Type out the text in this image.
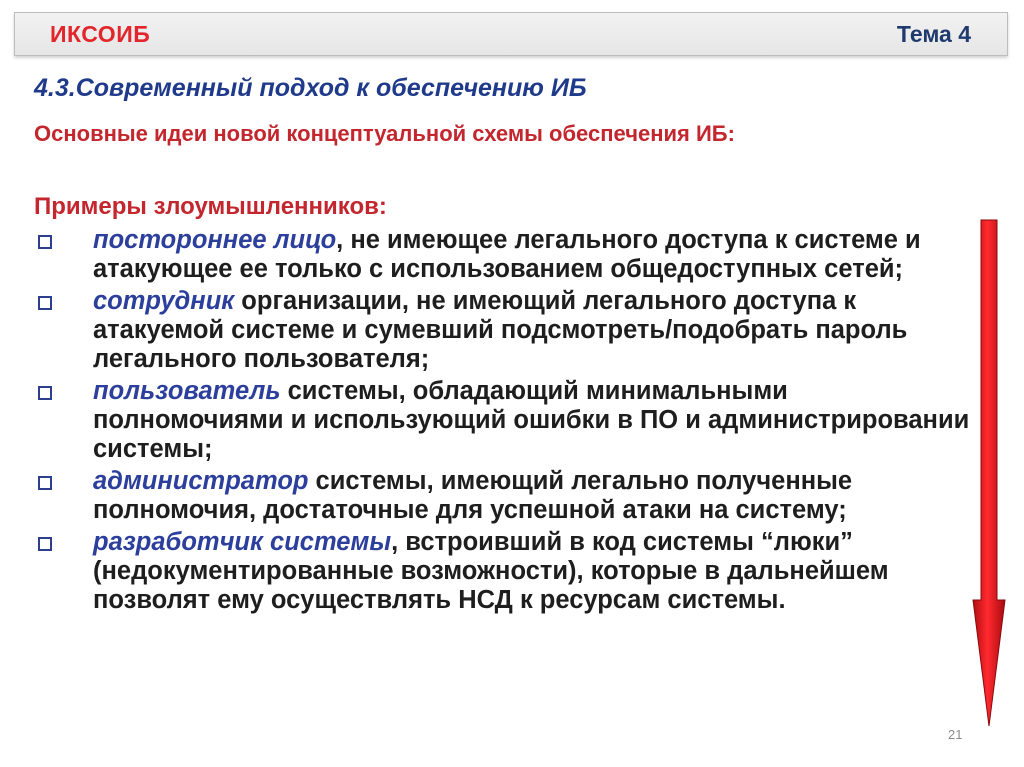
ИКСОИБ	Тема 4
4.3.Современный подход к обеспечению ИБ
Основные идеи новой концептуальной схемы обеспечения ИБ:
Примеры злоумышленников:
постороннее лицо, не имеющее легального доступа к системе и атакующее ее только с использованием общедоступных сетей;
сотрудник организации, не имеющий легального доступа к атакуемой системе и сумевший подсмотреть/подобрать пароль легального пользователя;
пользователь системы, обладающий минимальными полномочиями и использующий ошибки в ПО и администрировании системы;
администратор системы, имеющий легально полученные полномочия, достаточные для успешной атаки на систему;
разработчик системы, встроивший в код системы “люки” (недокументированные возможности), которые в дальнейшем позволят ему осуществлять НСД к ресурсам системы.
21
